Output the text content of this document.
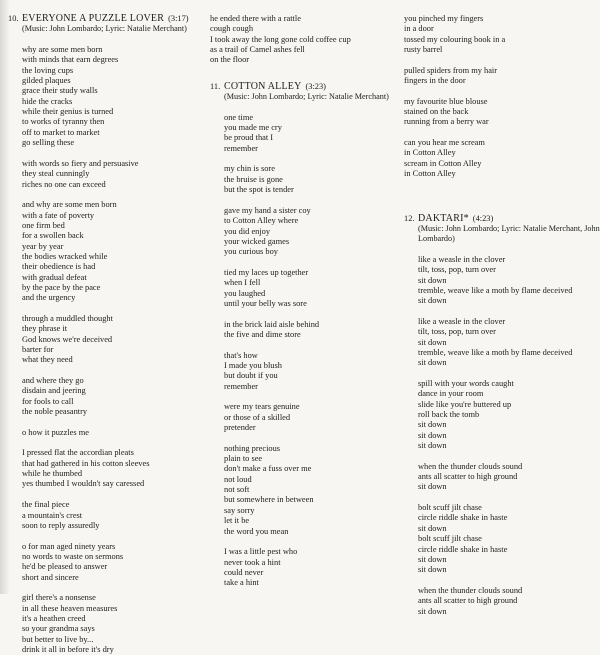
10. EVERYONE A PUZZLE LOVER (3:17)
(Music: John Lombardo; Lyric: Natalie Merchant)
why are some men born
with minds that earn degrees
the loving cups
gilded plaques
grace their study walls
hide the cracks
while their genius is turned
to works of tyranny then
off to market to market
go selling these
with words so fiery and persuasive
they steal cunningly
riches no one can exceed
and why are some men born
with a fate of poverty
one firm bed
for a swollen back
year by year
the bodies wracked while
their obedience is had
with gradual defeat
by the pace by the pace
and the urgency
through a muddled thought
they phrase it
God knows we're deceived
barter for
what they need
and where they go
disdain and jeering
for fools to call
the noble peasantry
o how it puzzles me
I pressed flat the accordian pleats
that had gathered in his cotton sleeves
while he thumbed
yes thumbed I wouldn't say caressed
the final piece
a mountain's crest
soon to reply assuredly
o for man aged ninety years
no words to waste on sermons
he'd be pleased to answer
short and sincere
girl there's a nonsense
in all these heaven measures
it's a heathen creed
so your grandma says
but better to live by...
drink it all in before it's dry
he ended there with a rattle
cough cough
I took away the long gone cold coffee cup
as a trail of Camel ashes fell
on the floor
11. COTTON ALLEY (3:23)
(Music: John Lombardo; Lyric: Natalie Merchant)
one time
you made me cry
be proud that I
remember
my chin is sore
the bruise is gone
but the spot is tender
gave my hand a sister coy
to Cotton Alley where
you did enjoy
your wicked games
you curious boy
tied my laces up together
when I fell
you laughed
until your belly was sore
in the brick laid aisle behind
the five and dime store
that's how
I made you blush
but doubt if you
remember
were my tears genuine
or those of a skilled
pretender
nothing precious
plain to see
don't make a fuss over me
not loud
not soft
but somewhere in between
say sorry
let it be
the word you mean
I was a little pest who
never took a hint
could never
take a hint
you pinched my fingers
in a door
tossed my colouring book in a
rusty barrel
pulled spiders from my hair
fingers in the door
my favourite blue blouse
stained on the back
running from a berry war
can you hear me scream
in Cotton Alley
scream in Cotton Alley
in Cotton Alley
12. DAKTARI* (4:23)
(Music: John Lombardo; Lyric: Natalie Merchant, John Lombardo)
like a weasle in the clover
tilt, toss, pop, turn over
sit down
tremble, weave like a moth by flame deceived
sit down
like a weasle in the clover
tilt, toss, pop, turn over
sit down
tremble, weave like a moth by flame deceived
sit down
spill with your words caught
dance in your room
slide like you're buttered up
roll back the tomb
sit down
sit down
sit down
when the thunder clouds sound
ants all scatter to high ground
sit down
bolt scuff jilt chase
circle riddle shake in haste
sit down
bolt scuff jilt chase
circle riddle shake in haste
sit down
sit down
when the thunder clouds sound
ants all scatter to high ground
sit down
